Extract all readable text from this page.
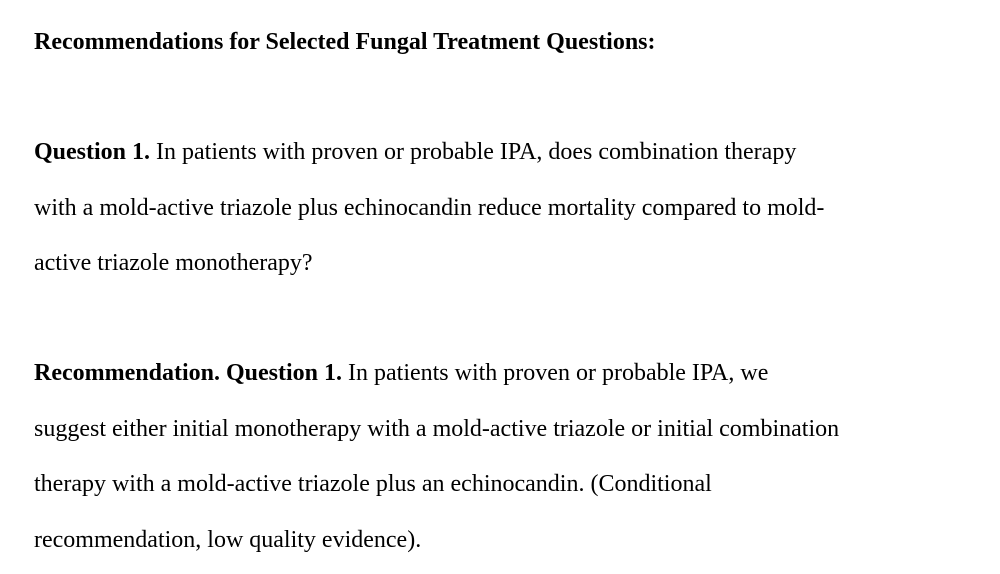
Recommendations for Selected Fungal Treatment Questions:
Question 1. In patients with proven or probable IPA, does combination therapy
with a mold-active triazole plus echinocandin reduce mortality compared to mold-
active triazole monotherapy?
Recommendation. Question 1. In patients with proven or probable IPA, we
suggest either initial monotherapy with a mold-active triazole or initial combination
therapy with a mold-active triazole plus an echinocandin. (Conditional
recommendation, low quality evidence).
